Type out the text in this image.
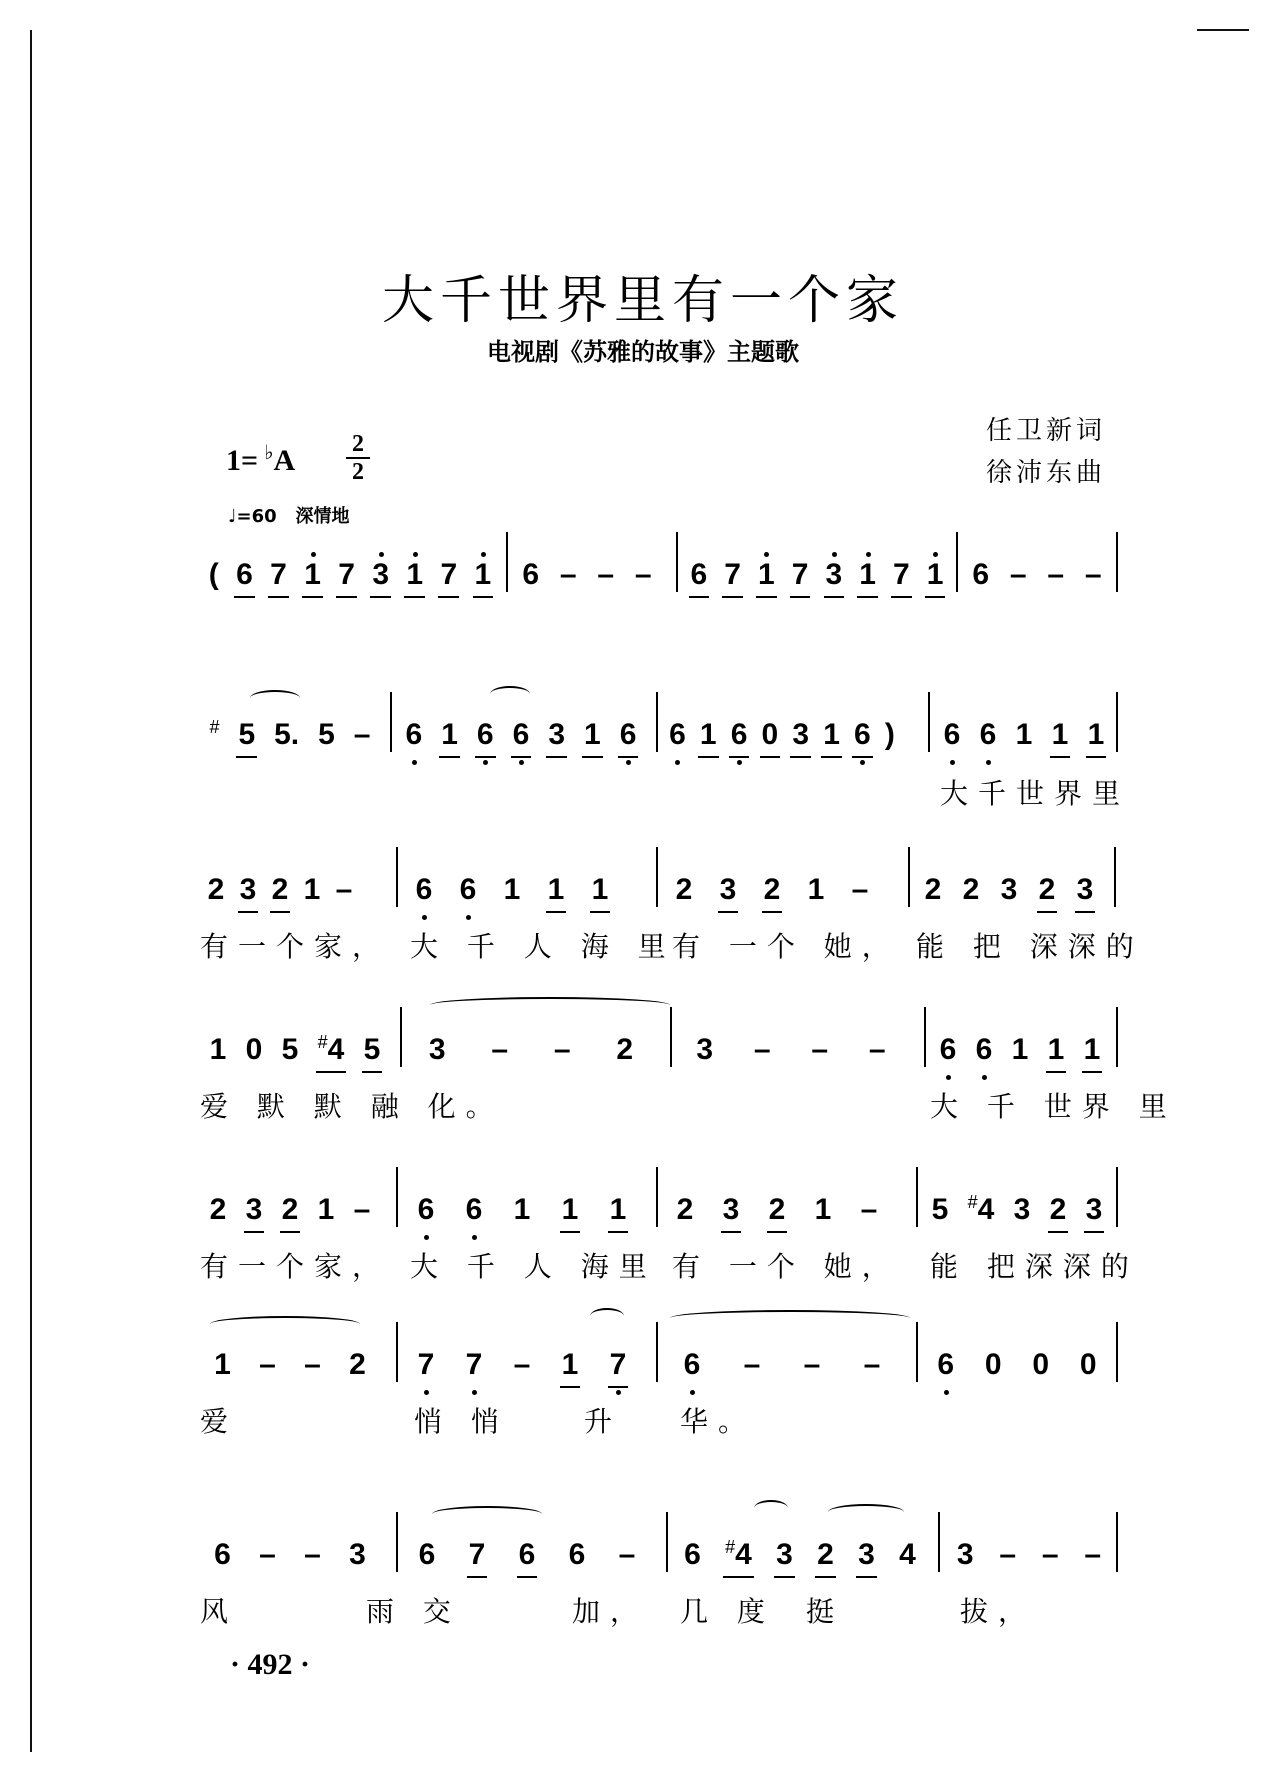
大千世界里有一个家
电视剧《苏雅的故事》主题歌
任卫新词
徐沛东曲
1= ♭A 2
2
♩=60 深情地
( 6 7 1 7 3 1 7 1 6 – – – 6 7 1 7 3 1 7 1 6 – – –
# 5 5. 5 – 6 1 6 6 3 1 6 6 1 6 0 3 1 6 ) 6 6 1 1 1
大千世界里
2 3 2 1 – 6 6 1 1 1 2 3 2 1 – 2 2 3 2 3
有一个家， 大 千 人 海 里
有 一个 她， 能 把 深深的
1 0 5 #4 5 3 – – 2 3 – – – 6 6 1 1 1
爱 默 默 融 化。	大 千 世界 里
2 3 2 1 – 6 6 1 1 1 2 3 2 1 – 5 #4 3 2 3
有一个家， 大 千 人 海里 有 一个 她， 能 把深深的
1 – – 2 7 7 – 1 7 6 – – – 6 0 0 0
爱	悄 悄	升 华。
6 – – 3 6 7 6 6 – 6 #4 3 2 3 4 3 – – –
风	雨 交	加， 几 度 挺	拔，
· 492 ·
